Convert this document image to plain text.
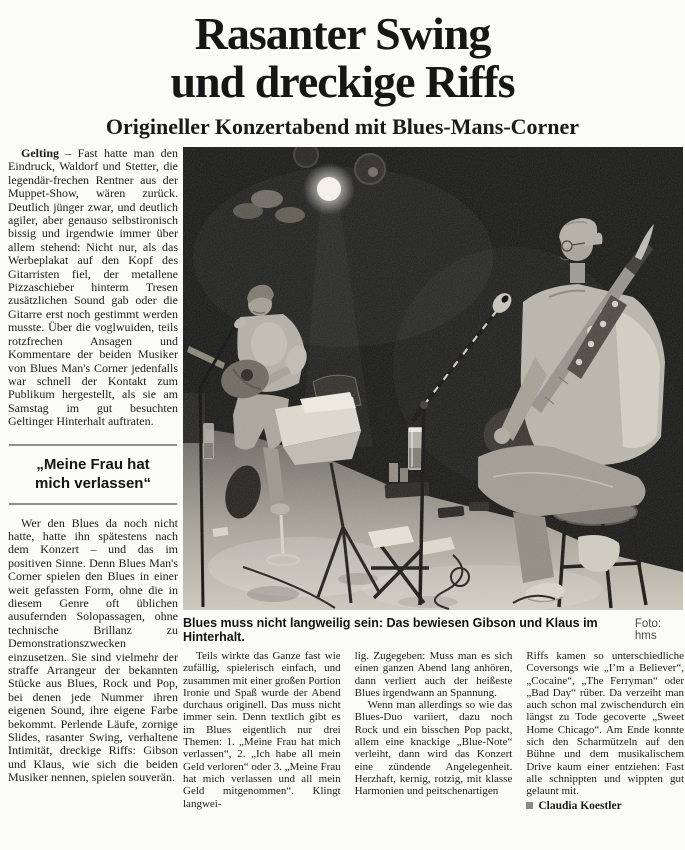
Rasanter Swing
und dreckige Riffs
Origineller Konzertabend mit Blues-Mans-Corner

Gelting – Fast hatte man den Eindruck, Waldorf und Stetter, die legendär-frechen Rentner aus der Muppet-Show, wären zurück. Deutlich jünger zwar, und deutlich agiler, aber genauso selbstironisch bissig und irgendwie immer über allem stehend: Nicht nur, als das Werbeplakat auf den Kopf des Gitarristen fiel, der metallene Pizzaschieber hinterm Tresen zusätzlichen Sound gab oder die Gitarre erst noch gestimmt werden musste. Über die voglwuiden, teils rotzfrechen Ansagen und Kommentare der beiden Musiker von Blues Man's Corner jedenfalls war schnell der Kontakt zum Publikum hergestellt, als sie am Samstag im gut besuchten Geltinger Hinterhalt auftraten.

„Meine Frau hat mich verlassen“

Wer den Blues da noch nicht hatte, hatte ihn spätestens nach dem Konzert – und das im positiven Sinne. Denn Blues Man's Corner spielen den Blues in einer weit gefassten Form, ohne die in diesem Genre oft üblichen ausufernden Solopassagen, ohne technische Brillanz zu Demonstrationszwecken einzusetzen. Sie sind vielmehr der straffe Arrangeur der bekannten Stücke aus Blues, Rock und Pop, bei denen jede Nummer ihren eigenen Sound, ihre eigene Farbe bekommt. Perlende Läufe, zornige Slides, rasanter Swing, verhaltene Intimität, dreckige Riffs: Gibson und Klaus, wie sich die beiden Musiker nennen, spielen souverän.

Blues muss nicht langweilig sein: Das bewiesen Gibson und Klaus im Hinterhalt.
Foto: hms

Teils wirkte das Ganze fast wie zufällig, spielerisch einfach, und zusammen mit einer großen Portion Ironie und Spaß wurde der Abend durchaus originell. Das muss nicht immer sein. Denn textlich gibt es im Blues eigentlich nur drei Themen: 1. „Meine Frau hat mich verlassen“, 2. „Ich habe all mein Geld verloren“ oder 3. „Meine Frau hat mich verlassen und all mein Geld mitgenommen“. Klingt langwei-

lig. Zugegeben: Muss man es sich einen ganzen Abend lang anhören, dann verliert auch der heißeste Blues irgendwann an Spannung.

Wenn man allerdings so wie das Blues-Duo variiert, dazu noch Rock und ein bisschen Pop packt, allem eine knackige „Blue-Note“ verleiht, dann wird das Konzert eine zündende Angelegenheit. Herzhaft, kernig, rotzig, mit klasse Harmonien und peitschenartigen

Riffs kamen so unterschiedliche Coversongs wie „I’m a Believer“, „Cocaine“, „The Ferryman“ oder „Bad Day“ rüber. Da verzeiht man auch schon mal zwischendurch ein längst zu Tode gecoverte „Sweet Home Chicago“. Am Ende konnte sich den Scharmützeln auf den Bühne und dem musikalischem Drive kaum einer entziehen: Fast alle schnippten und wippten gut gelaunt mit.

Claudia Koestler
